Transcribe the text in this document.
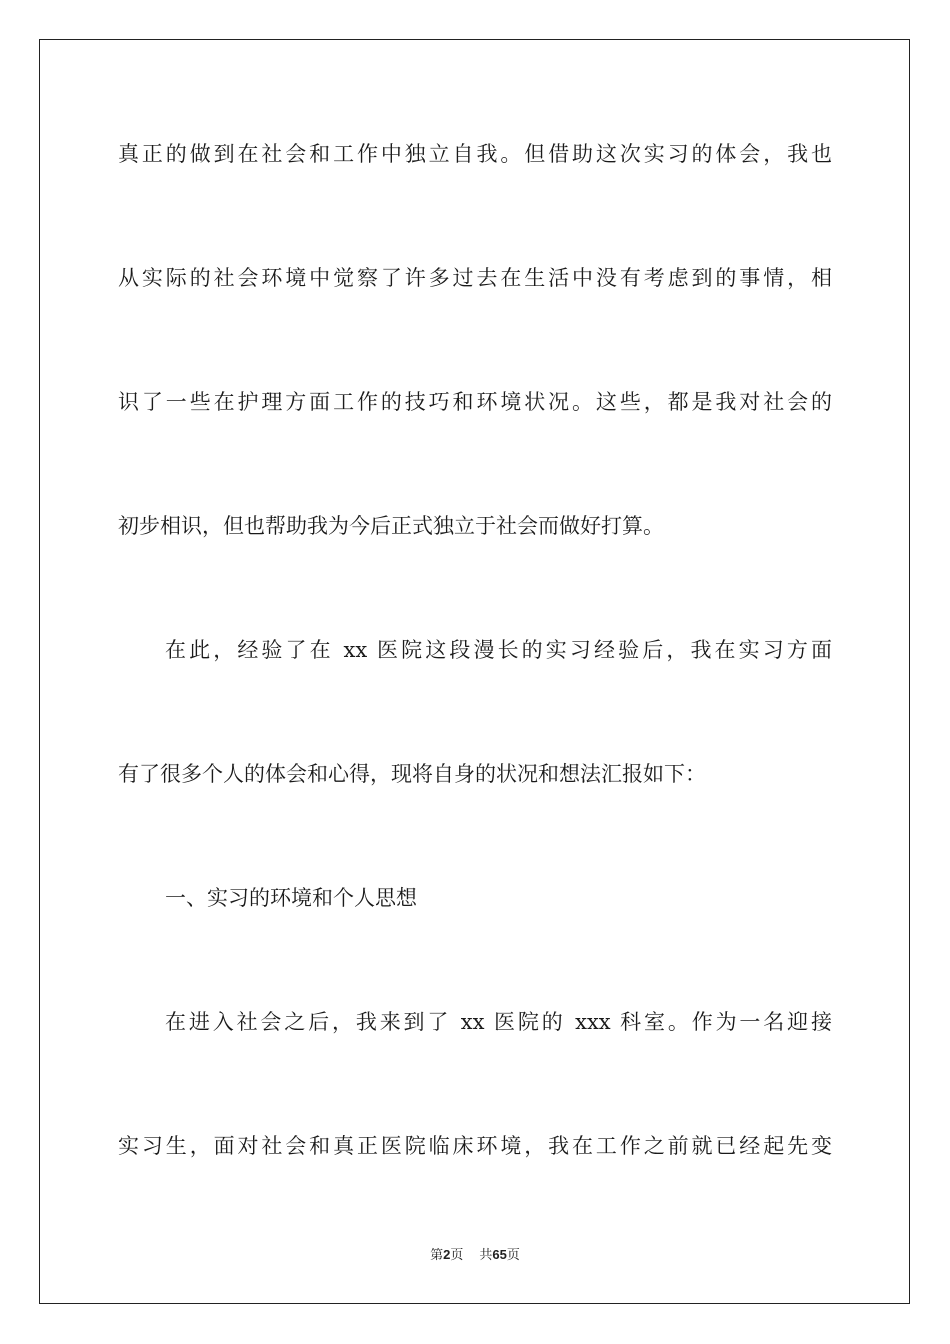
真正的做到在社会和工作中独立自我。但借助这次实习的体会，我也
从实际的社会环境中觉察了许多过去在生活中没有考虑到的事情，相
识了一些在护理方面工作的技巧和环境状况。这些，都是我对社会的
初步相识，但也帮助我为今后正式独立于社会而做好打算。
在此，经验了在 xx 医院这段漫长的实习经验后，我在实习方面
有了很多个人的体会和心得，现将自身的状况和想法汇报如下：
一、实习的环境和个人思想
在进入社会之后，我来到了 xx 医院的 xxx 科室。作为一名迎接
实习生，面对社会和真正医院临床环境，我在工作之前就已经起先变
第2页 共65页
